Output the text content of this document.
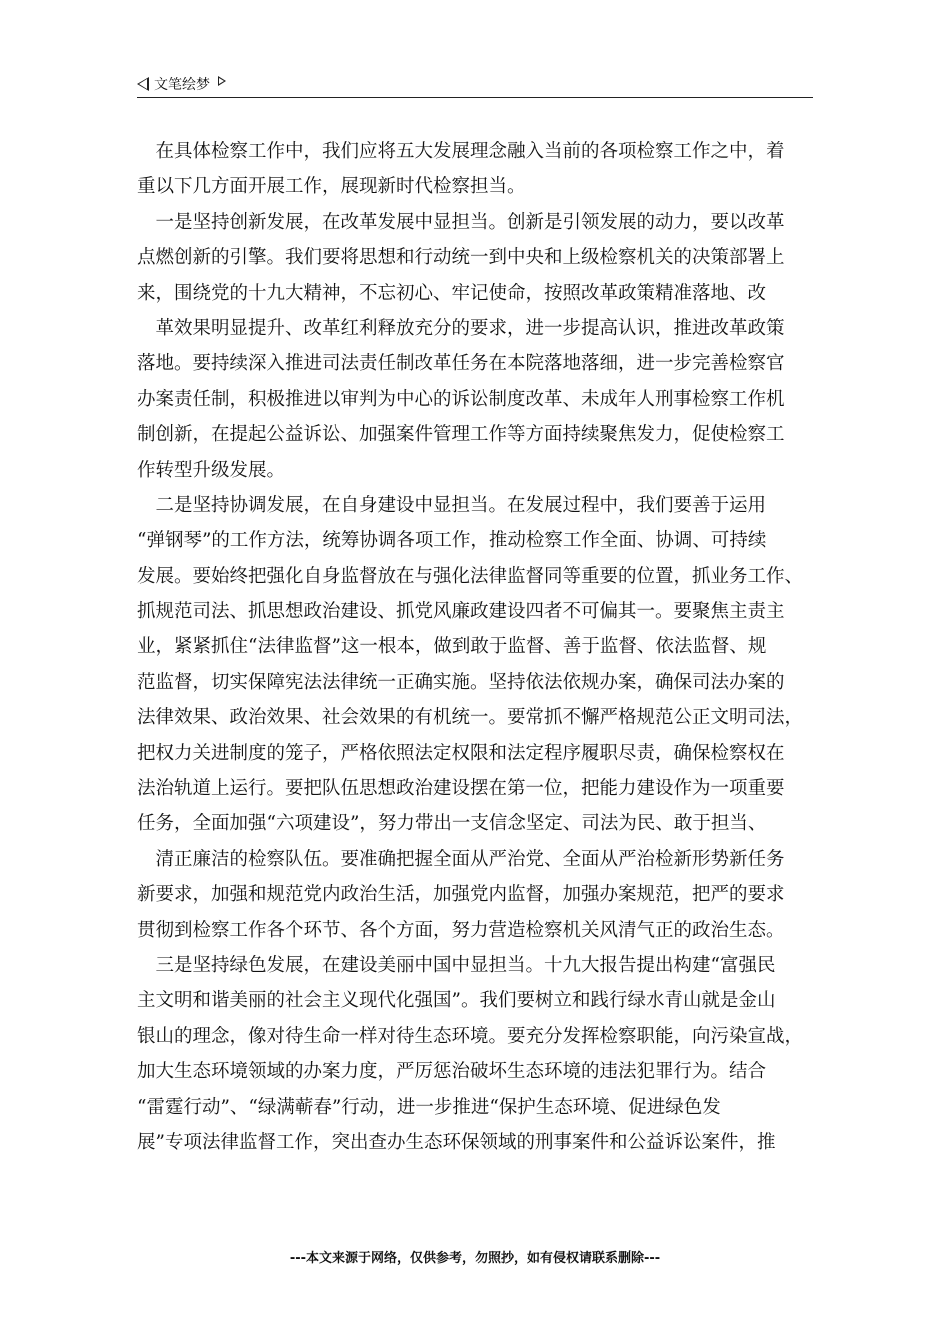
文笔绘梦
　在具体检察工作中，我们应将五大发展理念融入当前的各项检察工作之中，着
重以下几方面开展工作，展现新时代检察担当。
　一是坚持创新发展，在改革发展中显担当。创新是引领发展的动力，要以改革
点燃创新的引擎。我们要将思想和行动统一到中央和上级检察机关的决策部署上
来，围绕党的十九大精神，不忘初心、牢记使命，按照改革政策精准落地、改
　革效果明显提升、改革红利释放充分的要求，进一步提高认识，推进改革政策
落地。要持续深入推进司法责任制改革任务在本院落地落细，进一步完善检察官
办案责任制，积极推进以审判为中心的诉讼制度改革、未成年人刑事检察工作机
制创新，在提起公益诉讼、加强案件管理工作等方面持续聚焦发力，促使检察工
作转型升级发展。
　二是坚持协调发展，在自身建设中显担当。在发展过程中，我们要善于运用
“弹钢琴”的工作方法，统筹协调各项工作，推动检察工作全面、协调、可持续
发展。要始终把强化自身监督放在与强化法律监督同等重要的位置，抓业务工作、
抓规范司法、抓思想政治建设、抓党风廉政建设四者不可偏其一。要聚焦主责主
业，紧紧抓住“法律监督”这一根本，做到敢于监督、善于监督、依法监督、规
范监督，切实保障宪法法律统一正确实施。坚持依法依规办案，确保司法办案的
法律效果、政治效果、社会效果的有机统一。要常抓不懈严格规范公正文明司法，
把权力关进制度的笼子，严格依照法定权限和法定程序履职尽责，确保检察权在
法治轨道上运行。要把队伍思想政治建设摆在第一位，把能力建设作为一项重要
任务，全面加强“六项建设”，努力带出一支信念坚定、司法为民、敢于担当、
　清正廉洁的检察队伍。要准确把握全面从严治党、全面从严治检新形势新任务
新要求，加强和规范党内政治生活，加强党内监督，加强办案规范，把严的要求
贯彻到检察工作各个环节、各个方面，努力营造检察机关风清气正的政治生态。
　三是坚持绿色发展，在建设美丽中国中显担当。十九大报告提出构建“富强民
主文明和谐美丽的社会主义现代化强国”。我们要树立和践行绿水青山就是金山
银山的理念，像对待生命一样对待生态环境。要充分发挥检察职能，向污染宣战，
加大生态环境领域的办案力度，严厉惩治破坏生态环境的违法犯罪行为。结合
“雷霆行动”、“绿满蕲春”行动，进一步推进“保护生态环境、促进绿色发
展”专项法律监督工作，突出查办生态环保领域的刑事案件和公益诉讼案件，推
---本文来源于网络，仅供参考，勿照抄，如有侵权请联系删除---
